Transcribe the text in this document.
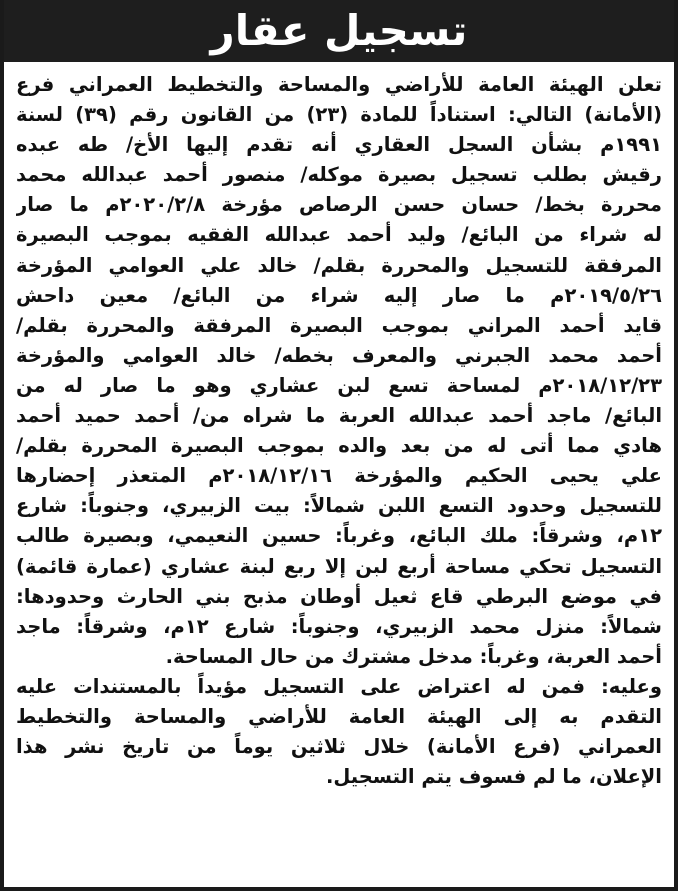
تسجيل عقار
تعلن الهيئة العامة للأراضي والمساحة والتخطيط العمراني فرع
(الأمانة) التالي: استناداً للمادة (٢٣) من القانون رقم (٣٩) لسنة
١٩٩١م بشأن السجل العقاري أنه تقدم إليها الأخ/ طه عبده
رقيش بطلب تسجيل بصيرة موكله/ منصور أحمد عبدالله محمد
محررة بخط/ حسان حسن الرصاص مؤرخة ٢٠٢٠/٢/٨م ما صار
له شراء من البائع/ وليد أحمد عبدالله الفقيه بموجب البصيرة
المرفقة للتسجيل والمحررة بقلم/ خالد علي العوامي المؤرخة
٢٠١٩/٥/٢٦م ما صار إليه شراء من البائع/ معين داحش
قايد أحمد المراني بموجب البصيرة المرفقة والمحررة بقلم/
أحمد محمد الجبرني والمعرف بخطه/ خالد العوامي والمؤرخة
٢٠١٨/١٢/٢٣م لمساحة تسع لبن عشاري وهو ما صار له من
البائع/ ماجد أحمد عبدالله العربة ما شراه من/ أحمد حميد أحمد
هادي مما أتى له من بعد والده بموجب البصيرة المحررة بقلم/
علي يحيى الحكيم والمؤرخة ٢٠١٨/١٢/١٦م المتعذر إحضارها
للتسجيل وحدود التسع اللبن شمالاً: بيت الزبيري، وجنوباً: شارع
١٢م، وشرقاً: ملك البائع، وغرباً: حسين النعيمي، وبصيرة طالب
التسجيل تحكي مساحة أربع لبن إلا ربع لبنة عشاري (عمارة قائمة)
في موضع البرطي قاع ثعيل أوطان مذبح بني الحارث وحدودها:
شمالاً: منزل محمد الزبيري، وجنوباً: شارع ١٢م، وشرقاً: ماجد
أحمد العربة، وغرباً: مدخل مشترك من حال المساحة.
وعليه: فمن له اعتراض على التسجيل مؤيداً بالمستندات عليه
التقدم به إلى الهيئة العامة للأراضي والمساحة والتخطيط
العمراني (فرع الأمانة) خلال ثلاثين يوماً من تاريخ نشر هذا
الإعلان، ما لم فسوف يتم التسجيل.
